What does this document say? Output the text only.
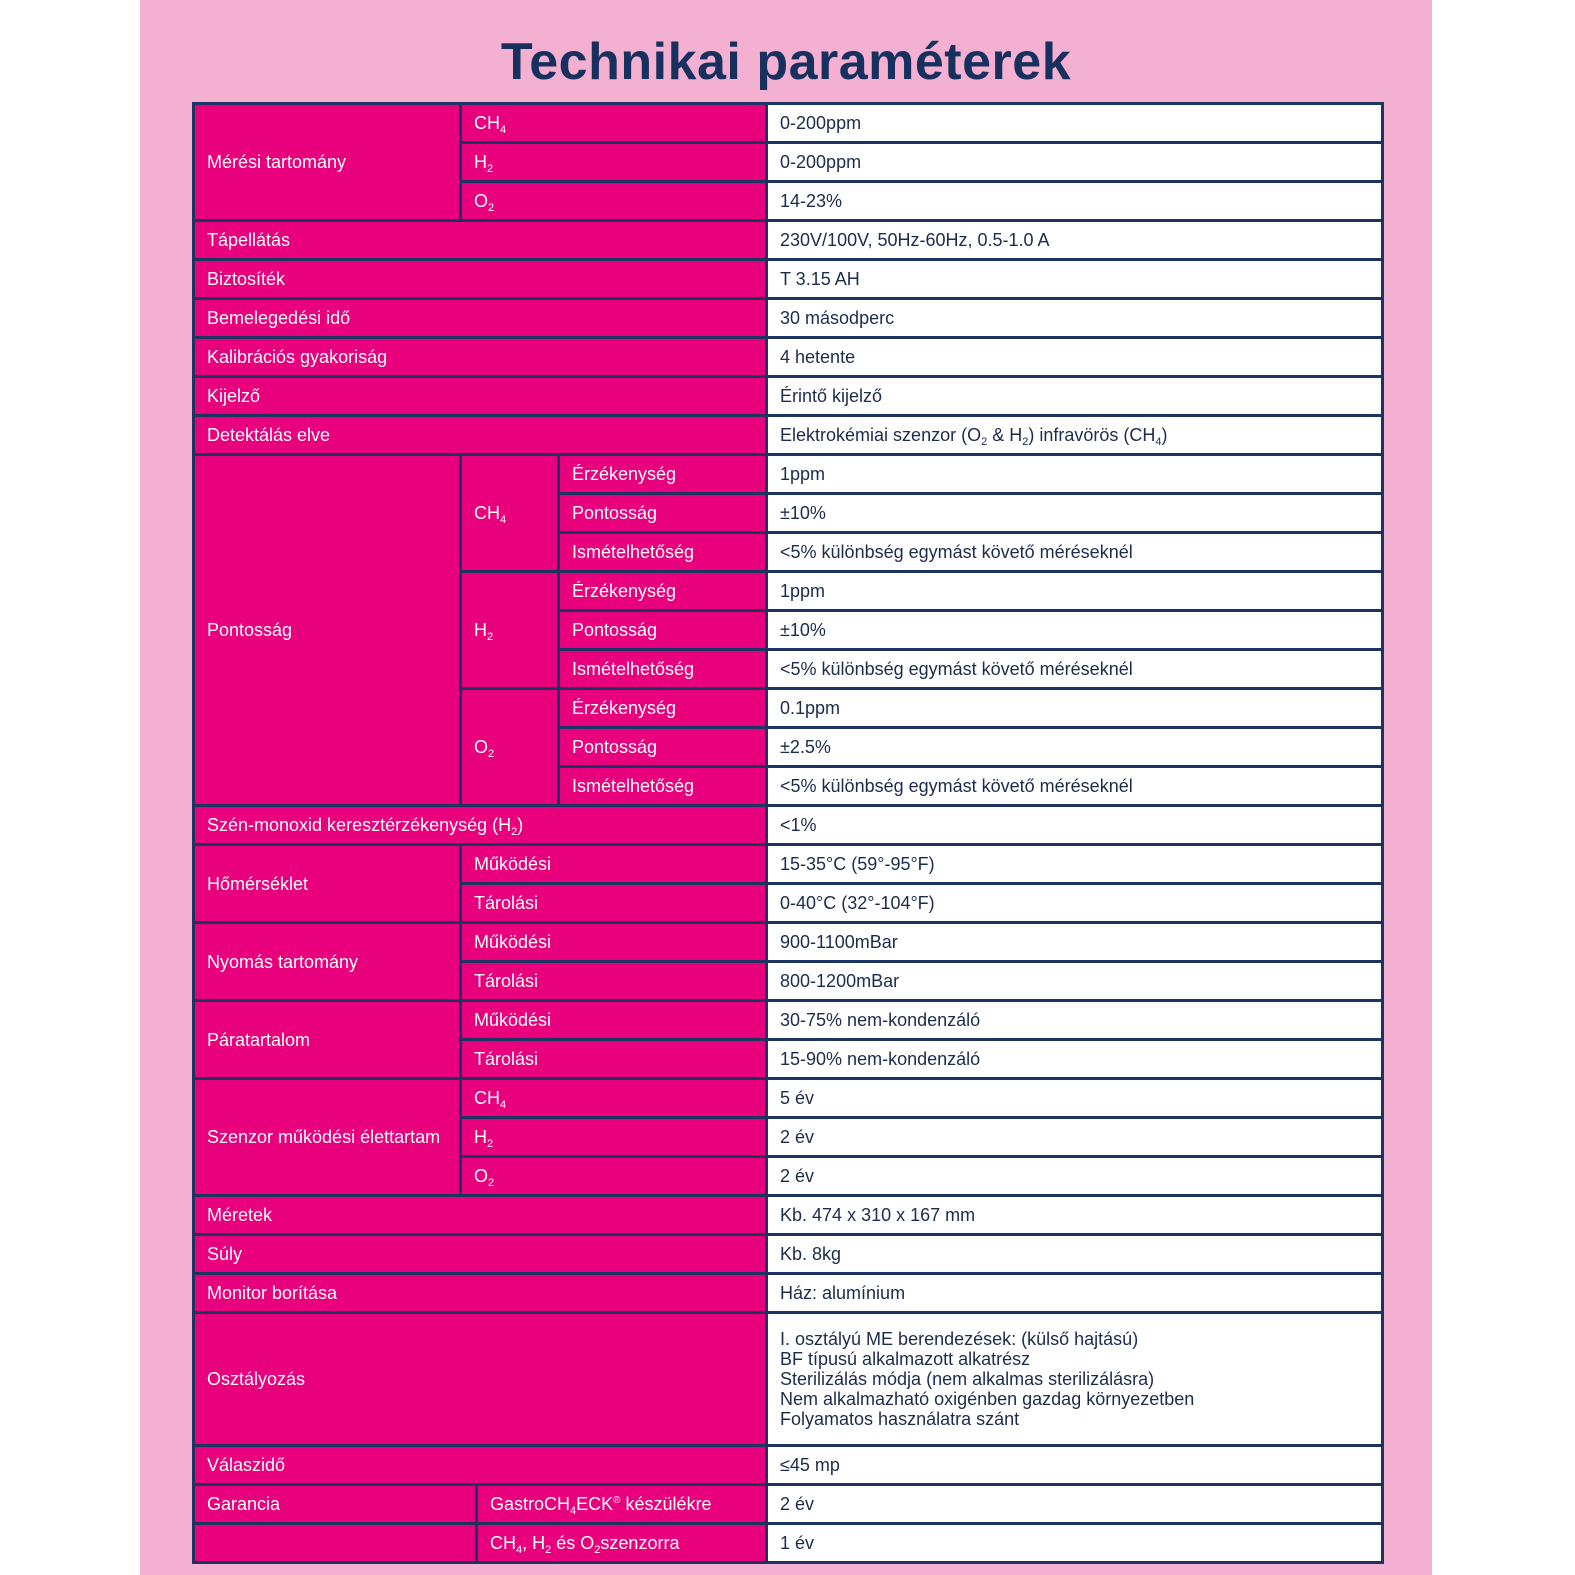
Technikai paraméterek
Mérési tartomány	$CH_4$			0-200ppm
	$H_2$			0-200ppm
	$O_2$			14-23%
Tápellátás				230V/100V, 50Hz-60Hz, 0.5-1.0 A
Biztosíték				T 3.15 AH
Bemelegedési idő				30 másodperc
Kalibrációs gyakoriság				4 hetente
Kijelző				Érintő kijelző
Detektálás elve				Elektrokémiai szenzor ($O_2$ & $H_2$) infravörös $(CH_4)$
Pontosság	$CH_4$		Érzékenység	1ppm
			Pontosság	±10%
			Ismételhetőség	<5% különbség egymást követő méréseknél
	$H_2$		Érzékenység	1ppm
			Pontosság	±10%
			Ismételhetőség	<5% különbség egymást követő méréseknél
	$O_2$		Érzékenység	0.1ppm
			Pontosság	±2.5%
			Ismételhetőség	<5% különbség egymást követő méréseknél
Szén-monoxid keresztérzékenység $(H_2)$				<1%
Hőmérséklet	Működési			15-35°C (59°-95°F)
	Tárolási			0-40°C (32°-104°F)
Nyomás tartomány	Működési			900-1100mBar
	Tárolási			800-1200mBar
Páratartalom	Működési			30-75% nem-kondenzáló
	Tárolási			15-90% nem-kondenzáló
Szenzor működési élettartam	$CH_4$			5 év
	$H_2$			2 év
	$O_2$			2 év
Méretek				Kb. 474 x 310 x 167 mm
Súly				Kb. 8kg
Monitor borítása				Ház: alumínium
Osztályozás				I. osztályú ME berendezések: (külső hajtású)
BF típusú alkalmazott alkatrész
Sterilizálás módja (nem alkalmas sterilizálásra)
Nem alkalmazható oxigénben gazdag környezetben
Folyamatos használatra szánt

Válaszidő				≤45 mp
Garancia		GastroCH$_4$ECK® készülékre		2 év
		$CH_4$, $H_2$ és $O_2szenzorra$		1 év
